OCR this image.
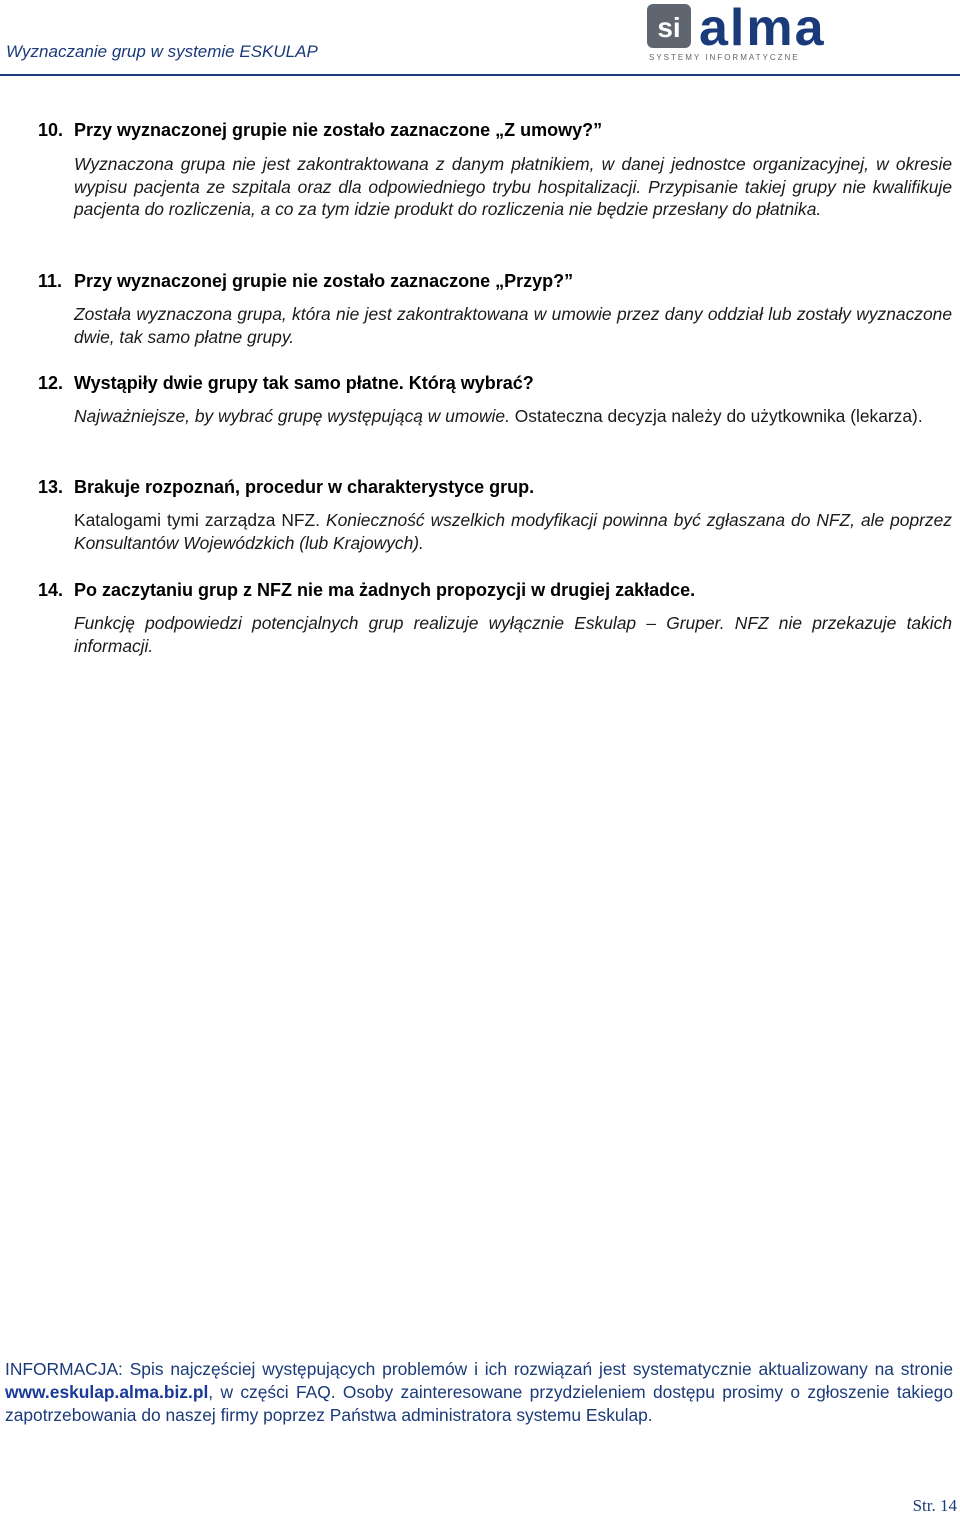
Wyznaczanie grup w systemie ESKULAP
si alma
SYSTEMY INFORMATYCZNE
10. Przy wyznaczonej grupie nie zostało zaznaczone „Z umowy?”
Wyznaczona grupa nie jest zakontraktowana z danym płatnikiem, w danej jednostce organizacyjnej, w okresie wypisu pacjenta ze szpitala oraz dla odpowiedniego trybu hospitalizacji. Przypisanie takiej grupy nie kwalifikuje pacjenta do rozliczenia, a co za tym idzie produkt do rozliczenia nie będzie przesłany do płatnika.
11. Przy wyznaczonej grupie nie zostało zaznaczone „Przyp?”
Została wyznaczona grupa, która nie jest zakontraktowana w umowie przez dany oddział lub zostały wyznaczone dwie, tak samo płatne grupy.
12. Wystąpiły dwie grupy tak samo płatne. Którą wybrać?
Najważniejsze, by wybrać grupę występującą w umowie. Ostateczna decyzja należy do użytkownika (lekarza).
13. Brakuje rozpoznań, procedur w charakterystyce grup.
Katalogami tymi zarządza NFZ. Konieczność wszelkich modyfikacji powinna być zgłaszana do NFZ, ale poprzez Konsultantów Wojewódzkich (lub Krajowych).
14. Po zaczytaniu grup z NFZ nie ma żadnych propozycji w drugiej zakładce.
Funkcję podpowiedzi potencjalnych grup realizuje wyłącznie Eskulap – Gruper. NFZ nie przekazuje takich informacji.
INFORMACJA: Spis najczęściej występujących problemów i ich rozwiązań jest systematycznie aktualizowany na stronie www.eskulap.alma.biz.pl, w części FAQ. Osoby zainteresowane przydzieleniem dostępu prosimy o zgłoszenie takiego zapotrzebowania do naszej firmy poprzez Państwa administratora systemu Eskulap.
Str. 14
